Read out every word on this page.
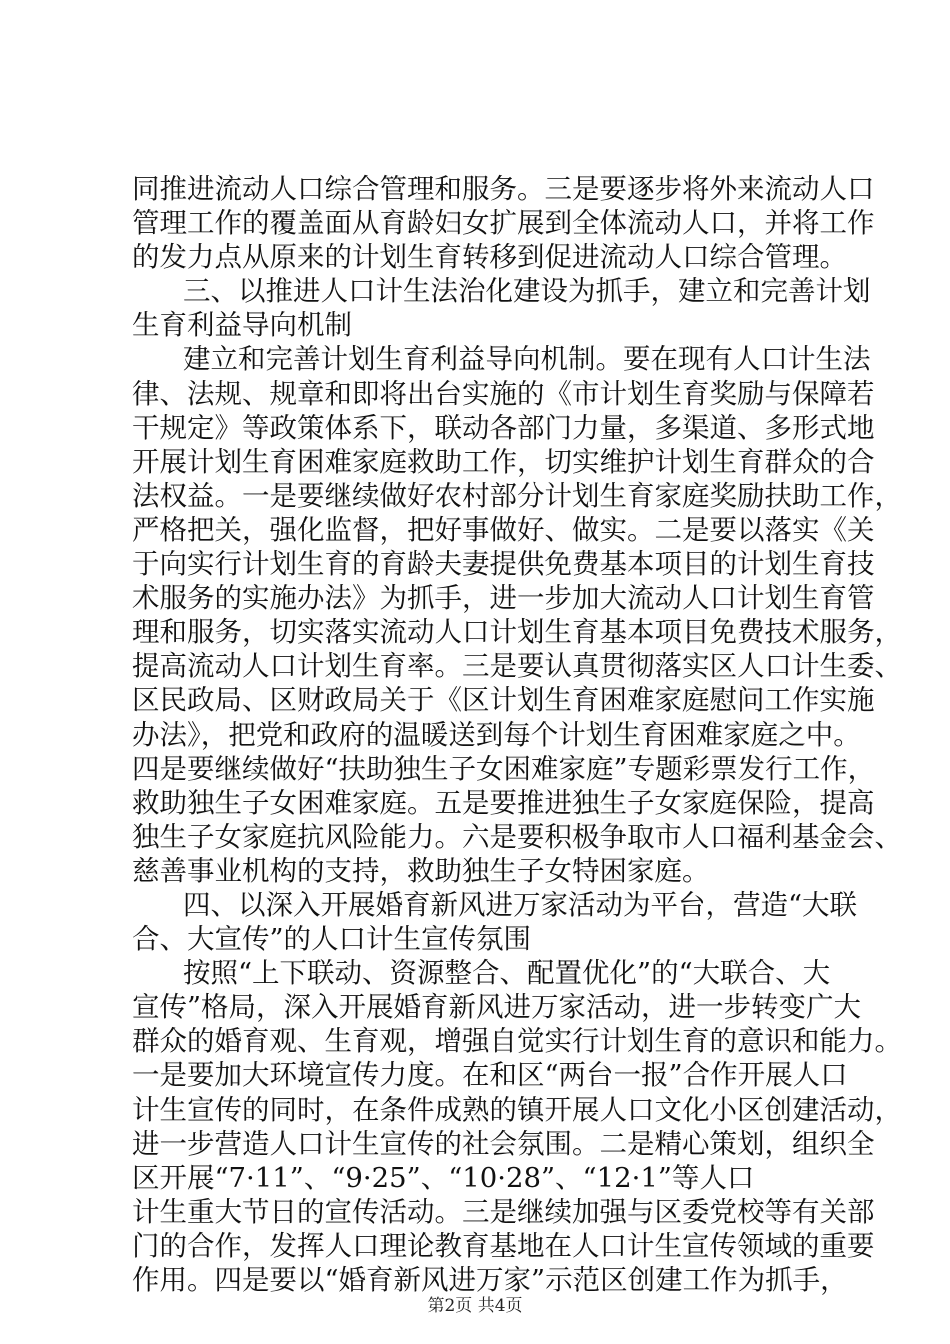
同推进流动人口综合管理和服务。三是要逐步将外来流动人口
管理工作的覆盖面从育龄妇女扩展到全体流动人口，并将工作
的发力点从原来的计划生育转移到促进流动人口综合管理。
三、以推进人口计生法治化建设为抓手，建立和完善计划
生育利益导向机制
建立和完善计划生育利益导向机制。要在现有人口计生法
律、法规、规章和即将出台实施的《市计划生育奖励与保障若
干规定》等政策体系下，联动各部门力量，多渠道、多形式地
开展计划生育困难家庭救助工作，切实维护计划生育群众的合
法权益。一是要继续做好农村部分计划生育家庭奖励扶助工作，
严格把关，强化监督，把好事做好、做实。二是要以落实《关
于向实行计划生育的育龄夫妻提供免费基本项目的计划生育技
术服务的实施办法》为抓手，进一步加大流动人口计划生育管
理和服务，切实落实流动人口计划生育基本项目免费技术服务，
提高流动人口计划生育率。三是要认真贯彻落实区人口计生委、
区民政局、区财政局关于《区计划生育困难家庭慰问工作实施
办法》，把党和政府的温暖送到每个计划生育困难家庭之中。
四是要继续做好“扶助独生子女困难家庭”专题彩票发行工作，
救助独生子女困难家庭。五是要推进独生子女家庭保险，提高
独生子女家庭抗风险能力。六是要积极争取市人口福利基金会、
慈善事业机构的支持，救助独生子女特困家庭。
四、以深入开展婚育新风进万家活动为平台，营造“大联
合、大宣传”的人口计生宣传氛围
按照“上下联动、资源整合、配置优化”的“大联合、大
宣传”格局，深入开展婚育新风进万家活动，进一步转变广大
群众的婚育观、生育观，增强自觉实行计划生育的意识和能力。
一是要加大环境宣传力度。在和区“两台一报”合作开展人口
计生宣传的同时，在条件成熟的镇开展人口文化小区创建活动，
进一步营造人口计生宣传的社会氛围。二是精心策划，组织全
区开展“7·11”、“9·25”、“10·28”、“12·1”等人口
计生重大节日的宣传活动。三是继续加强与区委党校等有关部
门的合作，发挥人口理论教育基地在人口计生宣传领域的重要
作用。四是要以“婚育新风进万家”示范区创建工作为抓手，
第2页 共4页
